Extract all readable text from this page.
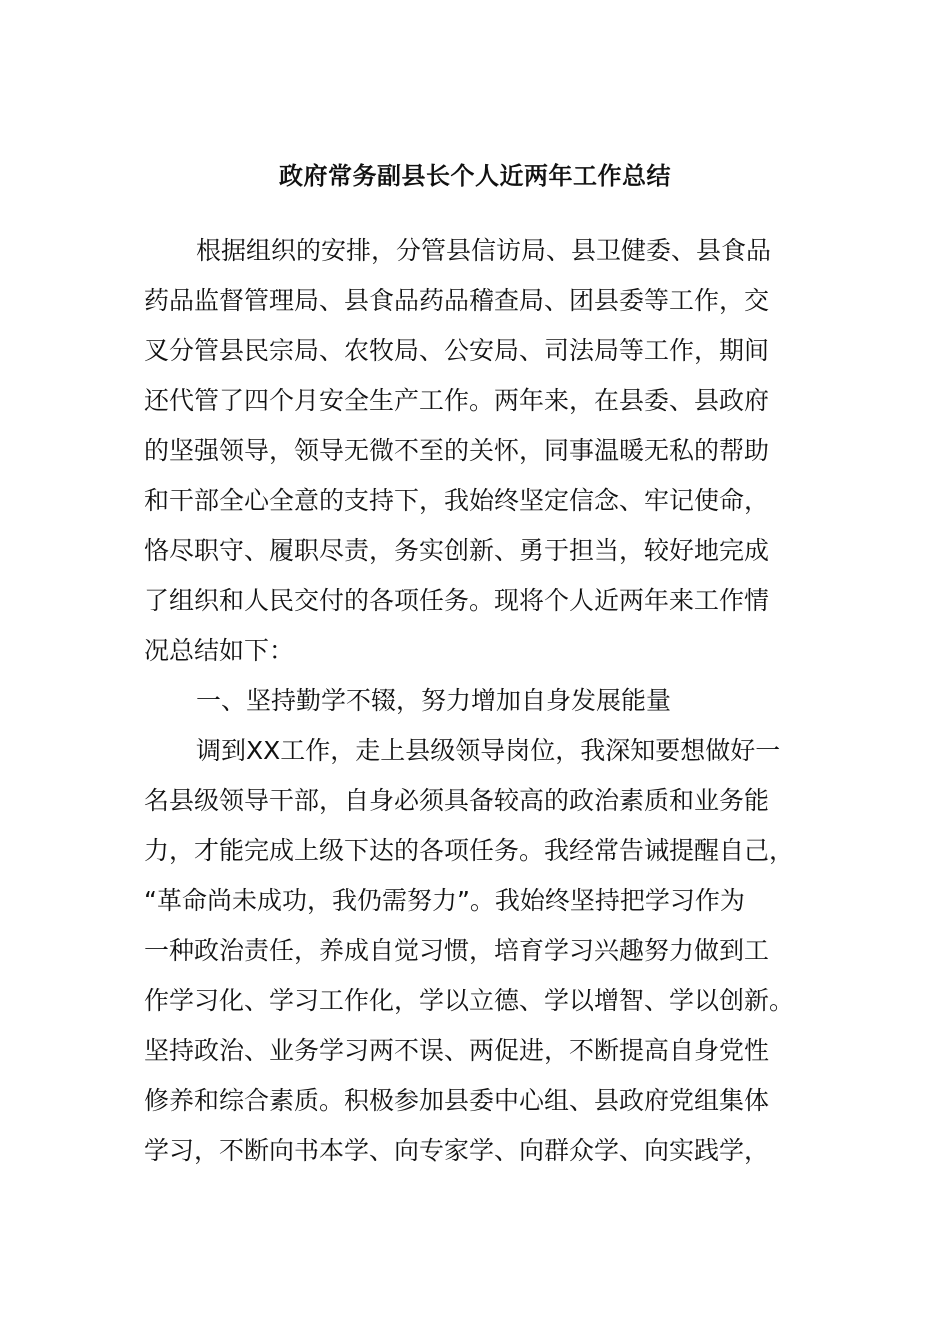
政府常务副县长个人近两年工作总结
根据组织的安排，分管县信访局、县卫健委、县食品
药品监督管理局、县食品药品稽查局、团县委等工作，交
叉分管县民宗局、农牧局、公安局、司法局等工作，期间
还代管了四个月安全生产工作。两年来，在县委、县政府
的坚强领导，领导无微不至的关怀，同事温暖无私的帮助
和干部全心全意的支持下，我始终坚定信念、牢记使命，
恪尽职守、履职尽责，务实创新、勇于担当，较好地完成
了组织和人民交付的各项任务。现将个人近两年来工作情
况总结如下：
一、坚持勤学不辍，努力增加自身发展能量
调到XX工作，走上县级领导岗位，我深知要想做好一
名县级领导干部，自身必须具备较高的政治素质和业务能
力，才能完成上级下达的各项任务。我经常告诫提醒自己，
“革命尚未成功，我仍需努力”。我始终坚持把学习作为
一种政治责任，养成自觉习惯，培育学习兴趣努力做到工
作学习化、学习工作化，学以立德、学以增智、学以创新。
坚持政治、业务学习两不误、两促进，不断提高自身党性
修养和综合素质。积极参加县委中心组、县政府党组集体
学习，不断向书本学、向专家学、向群众学、向实践学，
